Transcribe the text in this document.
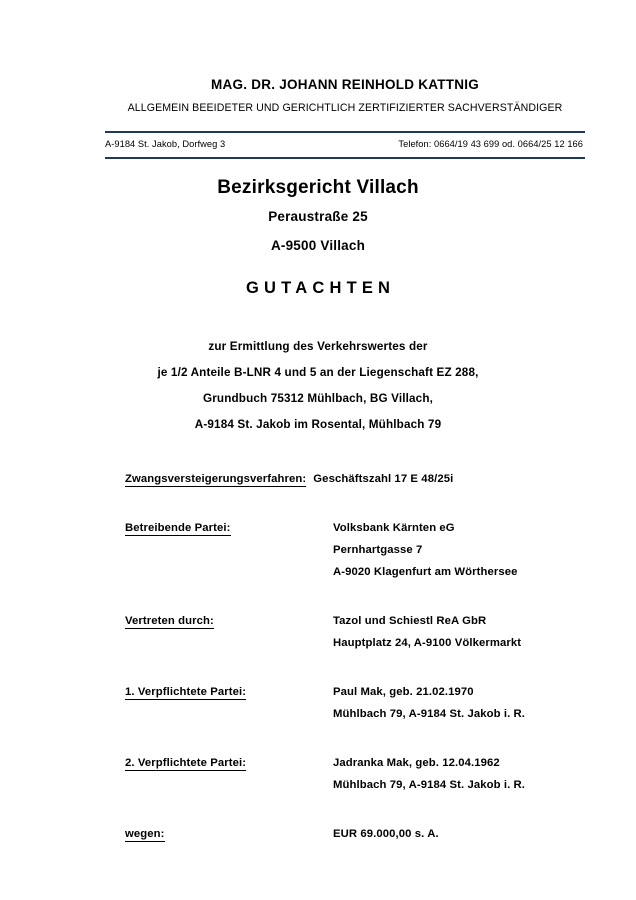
MAG. DR. JOHANN REINHOLD KATTNIG
ALLGEMEIN BEEIDETER UND GERICHTLICH ZERTIFIZIERTER SACHVERSTÄNDIGER
A-9184 St. Jakob, Dorfweg 3	Telefon: 0664/19 43 699 od. 0664/25 12 166
Bezirksgericht Villach
Peraustraße 25
A-9500 Villach
GUTACHTEN
zur Ermittlung des Verkehrswertes der
je 1/2 Anteile B-LNR 4 und 5 an der Liegenschaft EZ 288,
Grundbuch 75312 Mühlbach, BG Villach,
A-9184 St. Jakob im Rosental, Mühlbach 79
Zwangsversteigerungsverfahren: Geschäftszahl 17 E 48/25i
Betreibende Partei:	Volksbank Kärnten eG
Pernhartgasse 7
A-9020 Klagenfurt am Wörthersee
Vertreten durch:	Tazol und Schiestl ReA GbR
Hauptplatz 24, A-9100 Völkermarkt
1. Verpflichtete Partei:	Paul Mak, geb. 21.02.1970
Mühlbach 79, A-9184 St. Jakob i. R.
2. Verpflichtete Partei:	Jadranka Mak, geb. 12.04.1962
Mühlbach 79, A-9184 St. Jakob i. R.
wegen:	EUR 69.000,00 s. A.
